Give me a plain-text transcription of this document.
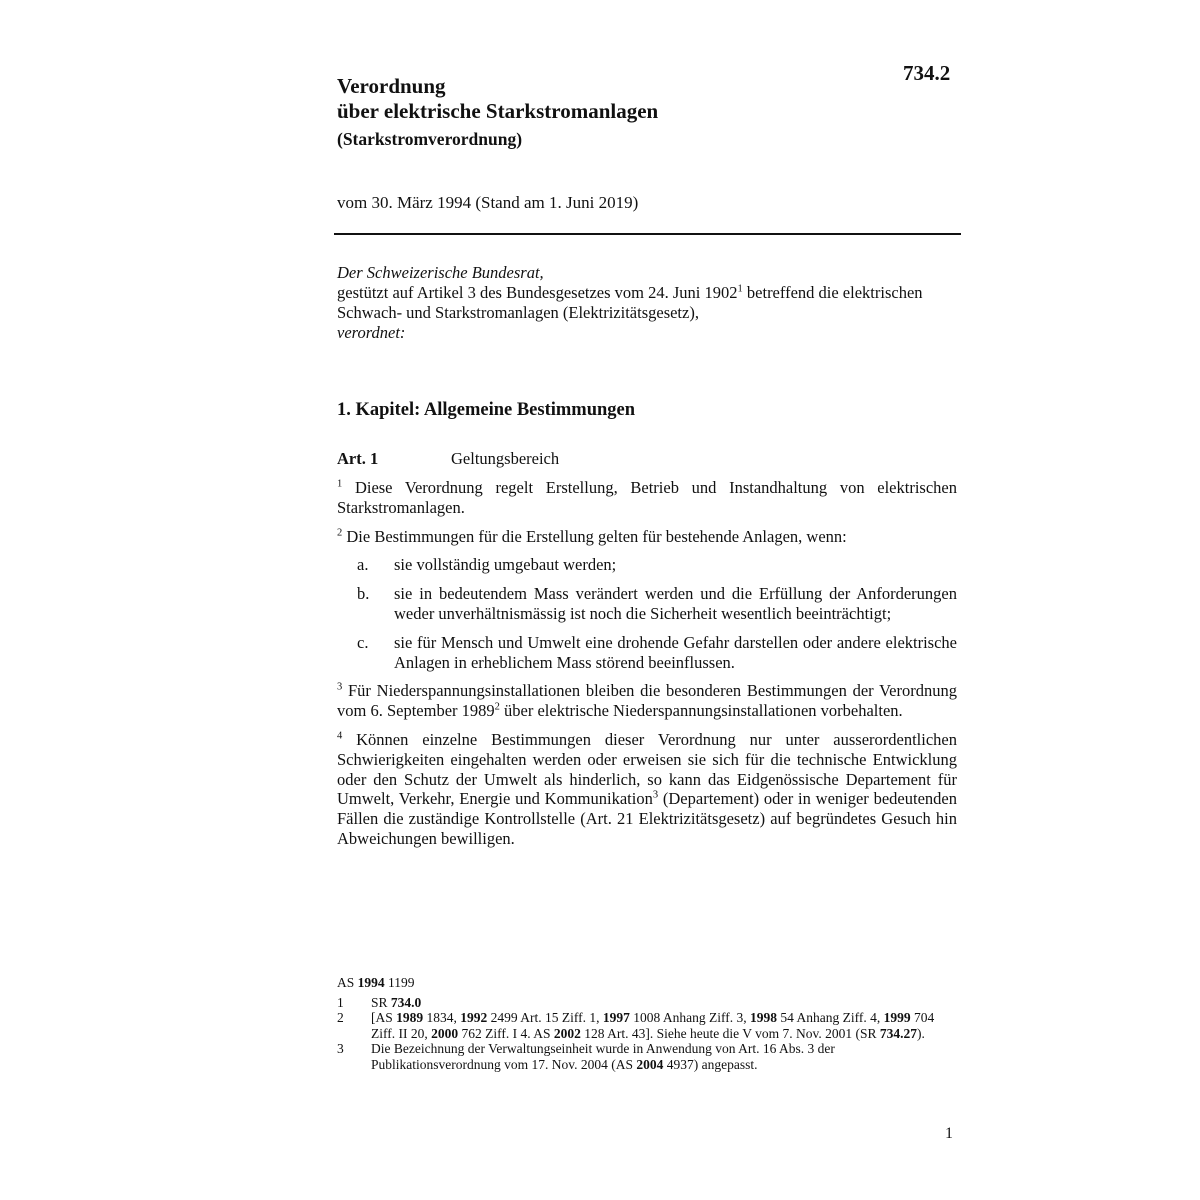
734.2
Verordnung
über elektrische Starkstromanlagen
(Starkstromverordnung)
vom 30. März 1994 (Stand am 1. Juni 2019)
Der Schweizerische Bundesrat,
gestützt auf Artikel 3 des Bundesgesetzes vom 24. Juni 1902$^1$ betreffend die elektrischen Schwach- und Starkstromanlagen (Elektrizitätsgesetz),
verordnet:
1. Kapitel: Allgemeine Bestimmungen
Art. 1	Geltungsbereich

$^1$ Diese Verordnung regelt Erstellung, Betrieb und Instandhaltung von elektrischen Starkstromanlagen.

$^2$ Die Bestimmungen für die Erstellung gelten für bestehende Anlagen, wenn:

a.	sie vollständig umgebaut werden;
b.	sie in bedeutendem Mass verändert werden und die Erfüllung der Anforderungen weder unverhältnismässig ist noch die Sicherheit wesentlich beeinträchtigt;
c.	sie für Mensch und Umwelt eine drohende Gefahr darstellen oder andere elektrische Anlagen in erheblichem Mass störend beeinflussen.

$^3$ Für Niederspannungsinstallationen bleiben die besonderen Bestimmungen der Verordnung vom 6. September 1989$^2$ über elektrische Niederspannungsinstallationen vorbehalten.

$^4$ Können einzelne Bestimmungen dieser Verordnung nur unter ausserordentlichen Schwierigkeiten eingehalten werden oder erweisen sie sich für die technische Entwicklung oder den Schutz der Umwelt als hinderlich, so kann das Eidgenössische Departement für Umwelt, Verkehr, Energie und Kommunikation$^3$ (Departement) oder in weniger bedeutenden Fällen die zuständige Kontrollstelle (Art. 21 Elektrizitätsgesetz) auf begründetes Gesuch hin Abweichungen bewilligen.

AS 1994 1199
1	SR 734.0
2	[AS 1989 1834, 1992 2499 Art. 15 Ziff. 1, 1997 1008 Anhang Ziff. 3, 1998 54 Anhang Ziff. 4, 1999 704 Ziff. II 20, 2000 762 Ziff. I 4. AS 2002 128 Art. 43]. Siehe heute die V vom 7. Nov. 2001 (SR 734.27).
3	Die Bezeichnung der Verwaltungseinheit wurde in Anwendung von Art. 16 Abs. 3 der Publikationsverordnung vom 17. Nov. 2004 (AS 2004 4937) angepasst.
1
